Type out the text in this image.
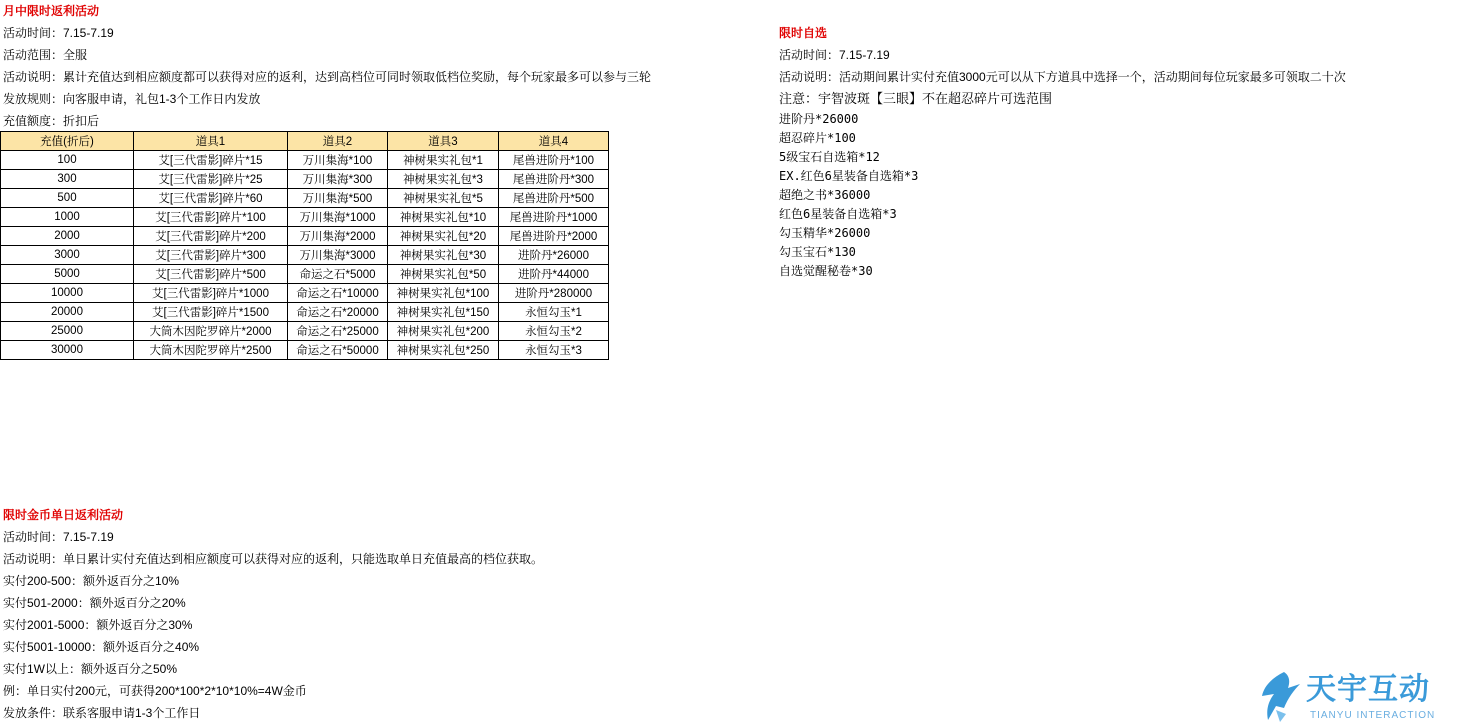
月中限时返利活动
活动时间：7.15-7.19
活动范围：全服
活动说明：累计充值达到相应额度都可以获得对应的返利，达到高档位可同时领取低档位奖励，每个玩家最多可以参与三轮
发放规则：向客服申请，礼包1-3个工作日内发放
充值额度：折扣后
充值(折后)	道具1	道具2	道具3	道具4
100	艾[三代雷影]碎片*15	万川集海*100	神树果实礼包*1	尾兽进阶丹*100
300	艾[三代雷影]碎片*25	万川集海*300	神树果实礼包*3	尾兽进阶丹*300
500	艾[三代雷影]碎片*60	万川集海*500	神树果实礼包*5	尾兽进阶丹*500
1000	艾[三代雷影]碎片*100	万川集海*1000	神树果实礼包*10	尾兽进阶丹*1000
2000	艾[三代雷影]碎片*200	万川集海*2000	神树果实礼包*20	尾兽进阶丹*2000
3000	艾[三代雷影]碎片*300	万川集海*3000	神树果实礼包*30	进阶丹*26000
5000	艾[三代雷影]碎片*500	命运之石*5000	神树果实礼包*50	进阶丹*44000
10000	艾[三代雷影]碎片*1000	命运之石*10000	神树果实礼包*100	进阶丹*280000
20000	艾[三代雷影]碎片*1500	命运之石*20000	神树果实礼包*150	永恒勾玉*1
25000	大筒木因陀罗碎片*2000	命运之石*25000	神树果实礼包*200	永恒勾玉*2
30000	大筒木因陀罗碎片*2500	命运之石*50000	神树果实礼包*250	永恒勾玉*3
限时自选
活动时间：7.15-7.19
活动说明：活动期间累计实付充值3000元可以从下方道具中选择一个，活动期间每位玩家最多可领取二十次
注意：宇智波斑【三眼】不在超忍碎片可选范围
进阶丹*26000
超忍碎片*100
5级宝石自选箱*12
EX.红色6星装备自选箱*3
超绝之书*36000
红色6星装备自选箱*3
勾玉精华*26000
勾玉宝石*130
自选觉醒秘卷*30
限时金币单日返利活动
活动时间：7.15-7.19
活动说明：单日累计实付充值达到相应额度可以获得对应的返利，只能选取单日充值最高的档位获取。
实付200-500：额外返百分之10%
实付501-2000：额外返百分之20%
实付2001-5000：额外返百分之30%
实付5001-10000：额外返百分之40%
实付1W以上：额外返百分之50%
例：单日实付200元，可获得200*100*2*10*10%=4W金币
发放条件：联系客服申请1-3个工作日
天宇互动
TIANYU INTERACTION
